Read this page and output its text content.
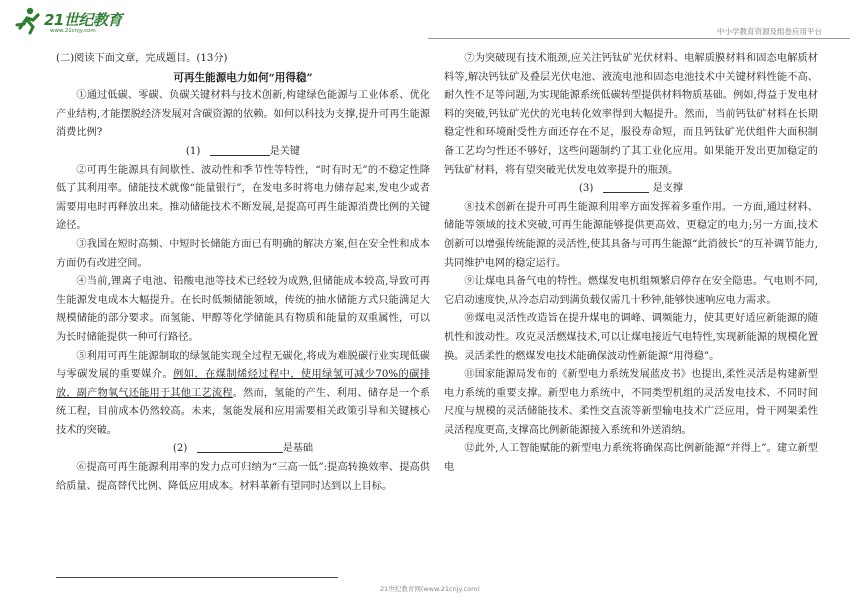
21世纪教育
www.21cnjy.com	中小学教育资源及组卷应用平台

(二)阅读下面文章，完成题目。(13分)

可再生能源电力如何“用得稳”

①通过低碳、零碳、负碳关键材料与技术创新,构建绿色能源与工业体系、优化产业结构,才能摆脱经济发展对含碳资源的依赖。如何以科技为支撑,提升可再生能源消费比例?

(1)	是关键

②可再生能源具有间歇性、波动性和季节性等特性，“时有时无”的不稳定性降低了其利用率。储能技术就像“能量银行”，在发电多时将电力储存起来,发电少或者需要用电时再释放出来。推动储能技术不断发展,是提高可再生能源消费比例的关键途径。

③我国在短时高频、中短时长储能方面已有明确的解决方案,但在安全性和成本方面仍有改进空间。

④当前,锂离子电池、铅酸电池等技术已经较为成熟,但储能成本较高,导致可再生能源发电成本大幅提升。在长时低频储能领域，传统的抽水储能方式只能满足大规模储能的部分要求。而氢能、甲醇等化学储能具有物质和能量的双重属性，可以为长时储能提供一种可行路径。

⑤利用可再生能源制取的绿氢能实现全过程无碳化,将成为难脱碳行业实现低碳与零碳发展的重要媒介。例如，在煤制烯烃过程中，使用绿氢可减少70%的碳排放，副产物氧气还能用于其他工艺流程。然而，氢能的产生、利用、储存是一个系统工程，目前成本仍然较高。未来，氢能发展和应用需要相关政策引导和关键核心技术的突破。

(2)	是基础

⑥提高可再生能源利用率的发力点可归纳为“三高一低”:提高转换效率、提高供给质量、提高替代比例、降低应用成本。材料革新有望同时达到以上目标。

⑦为突破现有技术瓶颈,应关注钙钛矿光伏材料、电解质膜材料和固态电解质材料等,解决钙钛矿及叠层光伏电池、液流电池和固态电池技术中关键材料性能不高、耐久性不足等问题,为实现能源系统低碳转型提供材料物质基础。例如,得益于发电材料的突破,钙钛矿光伏的光电转化效率得到大幅提升。然而，当前钙钛矿材料在长期稳定性和环境耐受性方面还存在不足，服役寿命短，而且钙钛矿光伏组件大面积制备工艺均匀性还不够好，这些问题制约了其工业化应用。如果能开发出更加稳定的钙钛矿材料，将有望突破光伏发电效率提升的瓶颈。

(3)	是支撑

⑧技术创新在提升可再生能源利用率方面发挥着多重作用。一方面,通过材料、储能等领域的技术突破,可再生能源能够提供更高效、更稳定的电力;另一方面,技术创新可以增强传统能源的灵活性,使其具备与可再生能源“此消彼长”的互补调节能力,共同维护电网的稳定运行。

⑨让煤电具备气电的特性。燃煤发电机组频繁启停存在安全隐患。气电则不同,它启动速度快,从冷态启动到满负载仅需几十秒钟,能够快速响应电力需求。

⑩煤电灵活性改造旨在提升煤电的调峰、调频能力，使其更好适应新能源的随机性和波动性。攻克灵活燃煤技术,可以让煤电接近气电特性,实现新能源的规模化置换。灵活柔性的燃煤发电技术能确保波动性新能源“用得稳”。

⑪国家能源局发布的《新型电力系统发展蓝皮书》也提出,柔性灵活是构建新型电力系统的重要支撑。新型电力系统中，不同类型机组的灵活发电技术、不同时间尺度与规模的灵活储能技术、柔性交直流等新型输电技术广泛应用，骨干网架柔性灵活程度更高,支撑高比例新能源接入系统和外送消纳。

⑫此外,人工智能赋能的新型电力系统将确保高比例新能源“并得上”。建立新型电

21世纪教育网(www.21cnjy.com)
